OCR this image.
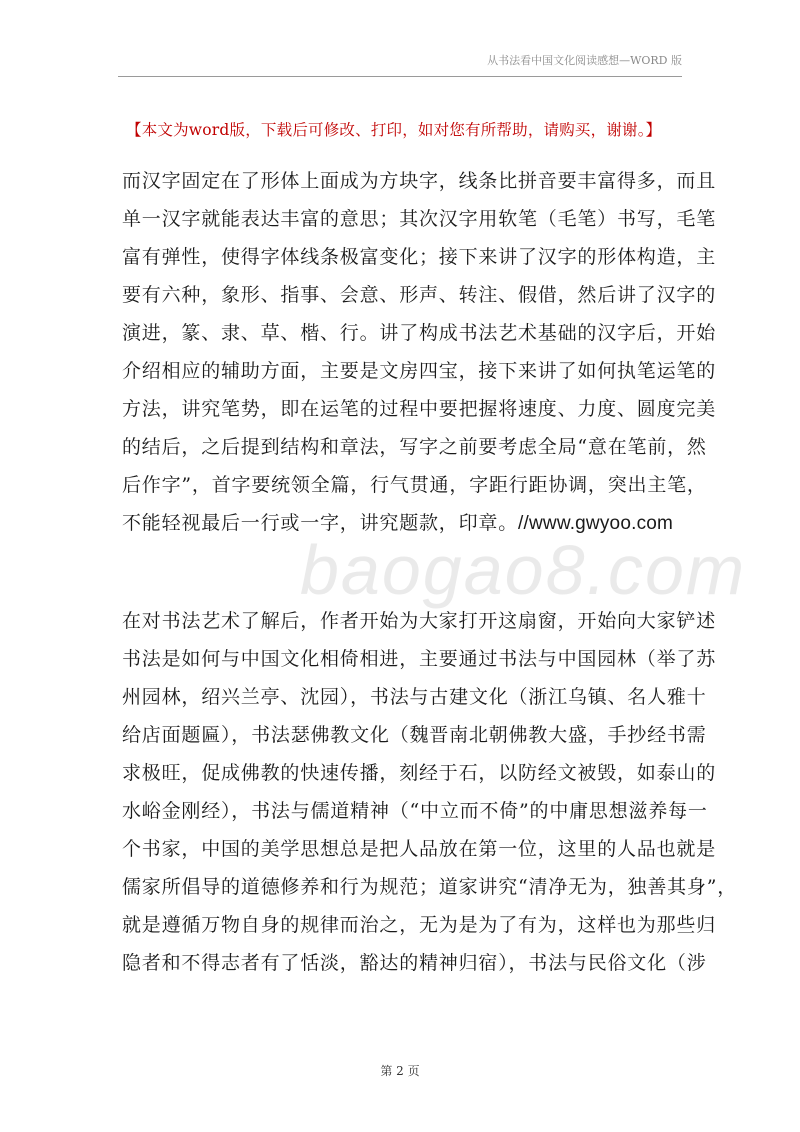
从书法看中国文化阅读感想—WORD 版
【本文为word版，下载后可修改、打印，如对您有所帮助，请购买，谢谢。】
而汉字固定在了形体上面成为方块字，线条比拼音要丰富得多，而且
单一汉字就能表达丰富的意思；其次汉字用软笔（毛笔）书写，毛笔
富有弹性，使得字体线条极富变化；接下来讲了汉字的形体构造，主
要有六种，象形、指事、会意、形声、转注、假借，然后讲了汉字的
演进，篆、隶、草、楷、行。讲了构成书法艺术基础的汉字后，开始
介绍相应的辅助方面，主要是文房四宝，接下来讲了如何执笔运笔的
方法，讲究笔势，即在运笔的过程中要把握将速度、力度、圆度完美
的结后，之后提到结构和章法，写字之前要考虑全局“意在笔前，然
后作字”，首字要统领全篇，行气贯通，字距行距协调，突出主笔，
不能轻视最后一行或一字，讲究题款，印章。//www.gwyoo.com
在对书法艺术了解后，作者开始为大家打开这扇窗，开始向大家铲述
书法是如何与中国文化相倚相进，主要通过书法与中国园林（举了苏
州园林，绍兴兰亭、沈园），书法与古建文化（浙江乌镇、名人雅十
给店面题匾），书法瑟佛教文化（魏晋南北朝佛教大盛，手抄经书需
求极旺，促成佛教的快速传播，刻经于石，以防经文被毁，如泰山的
水峪金刚经），书法与儒道精神（“中立而不倚”的中庸思想滋养每一
个书家，中国的美学思想总是把人品放在第一位，这里的人品也就是
儒家所倡导的道德修养和行为规范；道家讲究“清净无为，独善其身”，
就是遵循万物自身的规律而治之，无为是为了有为，这样也为那些归
隐者和不得志者有了恬淡，豁达的精神归宿），书法与民俗文化（涉
baogao8.com
第 2 页
